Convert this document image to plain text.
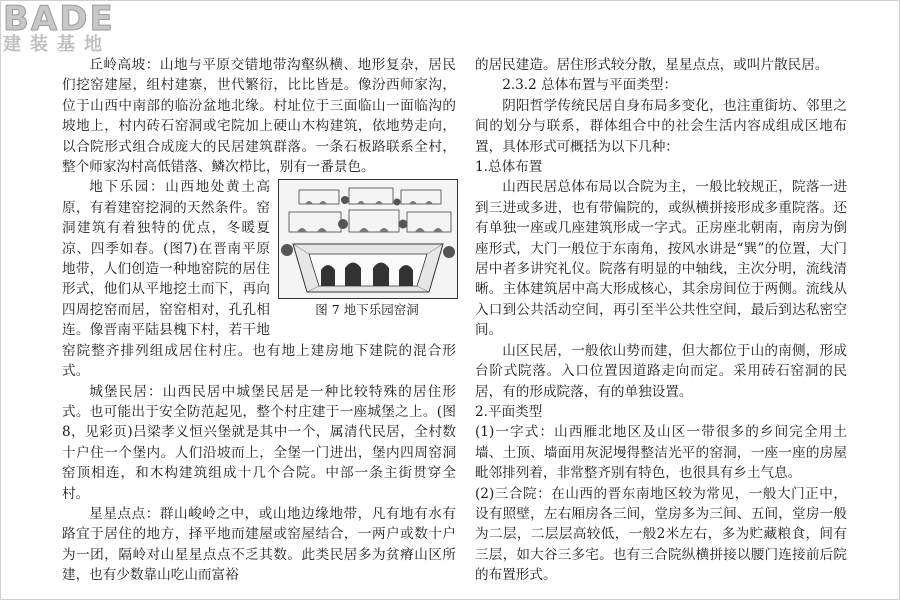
BADE
建装基地

丘岭高坡：山地与平原交错地带沟壑纵横、地形复杂，居民们挖窑建屋，组村建寨，世代繁衍，比比皆是。像汾西师家沟，位于山西中南部的临汾盆地北缘。村址位于三面临山一面临沟的坡地上，村内砖石窑洞或宅院加上硬山木构建筑，依地势走向，以合院形式组合成庞大的民居建筑群落。一条石板路联系全村，整个师家沟村高低错落、鳞次栉比，别有一番景色。

图 7 地下乐园窑洞

地下乐园：山西地处黄土高原，有着建窑挖洞的天然条件。窑洞建筑有着独特的优点，冬暖夏凉、四季如春。(图7)在晋南平原地带，人们创造一种地窑院的居住形式，他们从平地挖土而下，再向四周挖窑而居，窑窑相对，孔孔相连。像晋南平陆县槐下村，若干地窑院整齐排列组成居住村庄。也有地上建房地下建院的混合形式。

城堡民居：山西民居中城堡民居是一种比较特殊的居住形式。也可能出于安全防范起见，整个村庄建于一座城堡之上。(图8，见彩页)吕梁孝义恒兴堡就是其中一个，属清代民居，全村数十户住一个堡内。人们沿坡而上，全堡一门进出，堡内四周窑洞窑顶相连，和木构建筑组成十几个合院。中部一条主街贯穿全村。

星星点点：群山峻岭之中，或山地边缘地带，凡有地有水有路宜于居住的地方，择平地而建屋或窑屋结合，一两户或数十户为一团，隔岭对山星星点点不乏其数。此类民居多为贫瘠山区所建，也有少数靠山吃山而富裕

的居民建造。居住形式较分散，星星点点，或叫片散民居。

2.3.2 总体布置与平面类型：

阴阳哲学传统民居自身布局多变化，也注重街坊、邻里之间的划分与联系，群体组合中的社会生活内容成组成区地布置，具体形式可概括为以下几种：

1.总体布置

山西民居总体布局以合院为主，一般比较规正，院落一进到三进或多进，也有带偏院的，或纵横拼接形成多重院落。还有单独一座或几座建筑形成一字式。正房座北朝南，南房为倒座形式，大门一般位于东南角，按风水讲是“巽”的位置，大门居中者多讲究礼仪。院落有明显的中轴线，主次分明，流线清晰。主体建筑居中高大形成核心，其余房间位于两侧。流线从入口到公共活动空间，再引至半公共性空间，最后到达私密空间。

山区民居，一般依山势而建，但大都位于山的南侧，形成台阶式院落。入口位置因道路走向而定。采用砖石窑洞的民居，有的形成院落，有的单独设置。

2.平面类型

(1)一字式：山西雁北地区及山区一带很多的乡间完全用土墙、土顶、墙面用灰泥墁得整洁光平的窑洞，一座一座的房屋毗邻排列着，非常整齐别有特色，也很具有乡土气息。

(2)三合院：在山西的晋东南地区较为常见，一般大门正中，设有照壁，左右厢房各三间，堂房多为三间、五间，堂房一般为二层，二层层高较低，一般2米左右，多为贮藏粮食，间有三层，如大谷三多宅。也有三合院纵横拼接以腰门连接前后院的布置形式。
